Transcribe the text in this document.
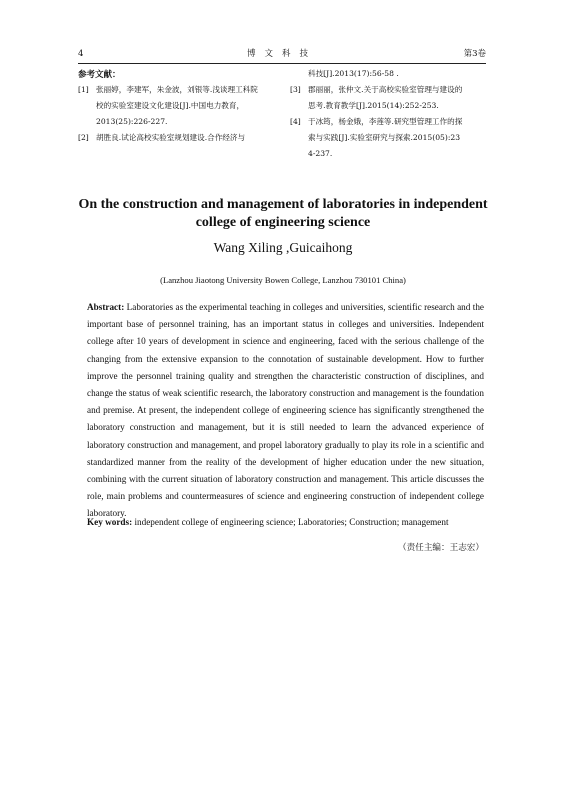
4	博文科技	第3卷
参考文献：
[1] 张丽婷，李建军，朱金波，刘银等.浅谈理工科院
校的实验室建设文化建设[J].中国电力教育，
2013(25):226-227.
[2] 胡胜良.试论高校实验室规划建设.合作经济与
科技[J].2013(17):56-58 .
[3] 郡丽丽，张仲文.关于高校实验室管理与建设的
思考.教育教学[J].2015(14):252-253.
[4] 于冰筠，杨金娥，李莲等.研究型管理工作的探
索与实践[J].实验室研究与探索.2015(05):23
4-237.
On the construction and management of laboratories in independent
college of engineering science
Wang Xiling ,Guicaihong
(Lanzhou Jiaotong University Bowen College, Lanzhou 730101 China)
Abstract: Laboratories as the experimental teaching in colleges and universities, scientific research and the important base of personnel training, has an important status in colleges and universities. Independent college after 10 years of development in science and engineering, faced with the serious challenge of the changing from the extensive expansion to the connotation of sustainable development. How to further improve the personnel training quality and strengthen the characteristic construction of disciplines, and change the status of weak scientific research, the laboratory construction and management is the foundation and premise. At present, the independent college of engineering science has significantly strengthened the laboratory construction and management, but it is still needed to learn the advanced experience of laboratory construction and management, and propel laboratory gradually to play its role in a scientific and standardized manner from the reality of the development of higher education under the new situation, combining with the current situation of laboratory construction and management. This article discusses the role, main problems and countermeasures of science and engineering construction of independent college laboratory.
Key words: independent college of engineering science; Laboratories; Construction; management
（责任主编：王志宏）
